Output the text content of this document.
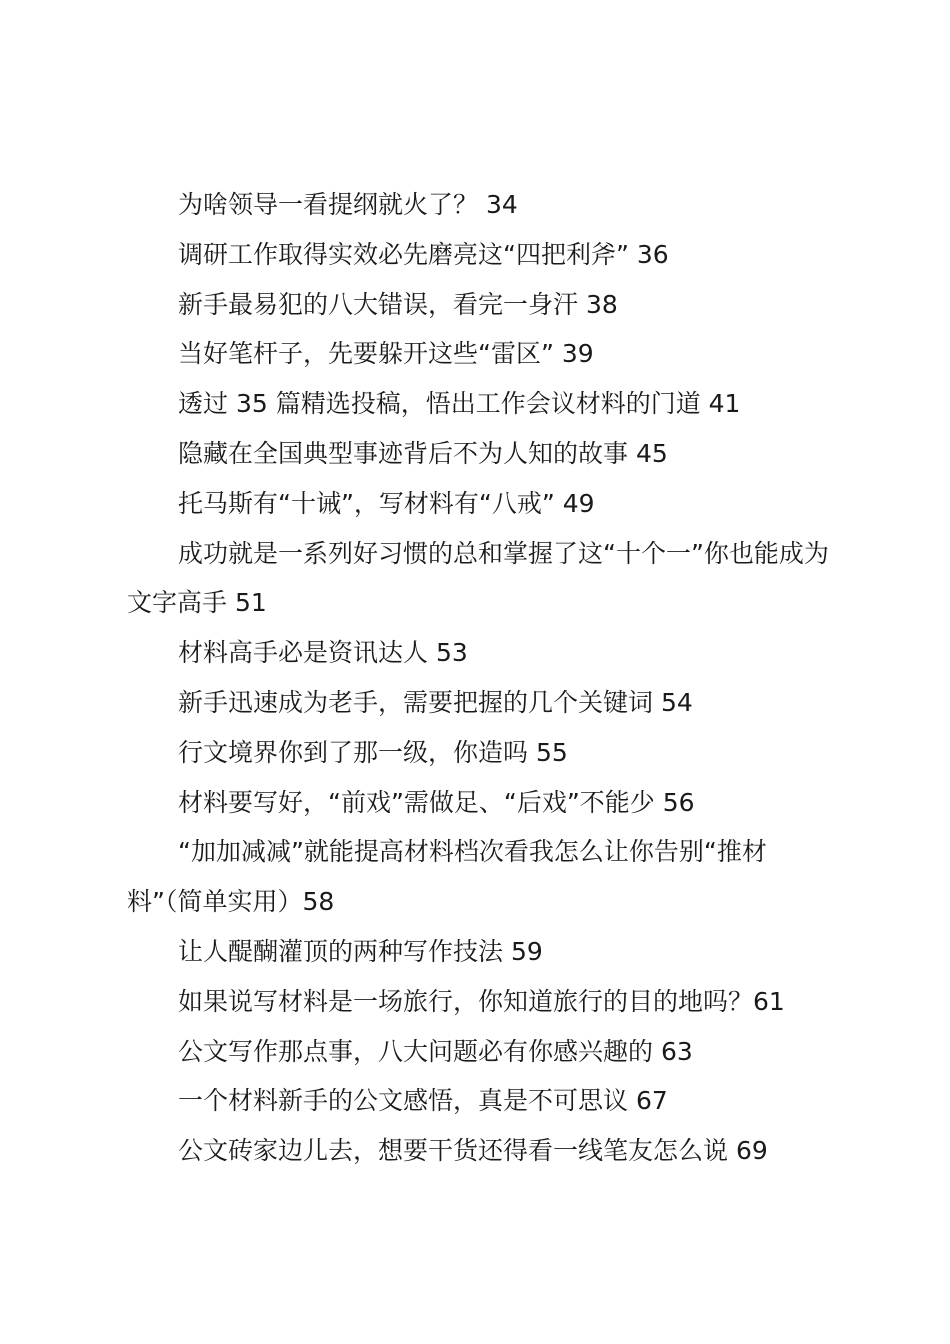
为啥领导一看提纲就火了？ 34

调研工作取得实效必先磨亮这“四把利斧” 36

新手最易犯的八大错误，看完一身汗 38

当好笔杆子，先要躲开这些“雷区” 39

透过 35 篇精选投稿，悟出工作会议材料的门道 41

隐藏在全国典型事迹背后不为人知的故事 45

托马斯有“十诫”，写材料有“八戒” 49

成功就是一系列好习惯的总和掌握了这“十个一”你也能成为文字高手 51

材料高手必是资讯达人 53

新手迅速成为老手，需要把握的几个关键词 54

行文境界你到了那一级，你造吗 55

材料要写好，“前戏”需做足、“后戏”不能少 56

“加加减减”就能提高材料档次看我怎么让你告别“推材料”（简单实用）58

让人醍醐灌顶的两种写作技法 59

如果说写材料是一场旅行，你知道旅行的目的地吗？61

公文写作那点事，八大问题必有你感兴趣的 63

一个材料新手的公文感悟，真是不可思议 67

公文砖家边儿去，想要干货还得看一线笔友怎么说 69
